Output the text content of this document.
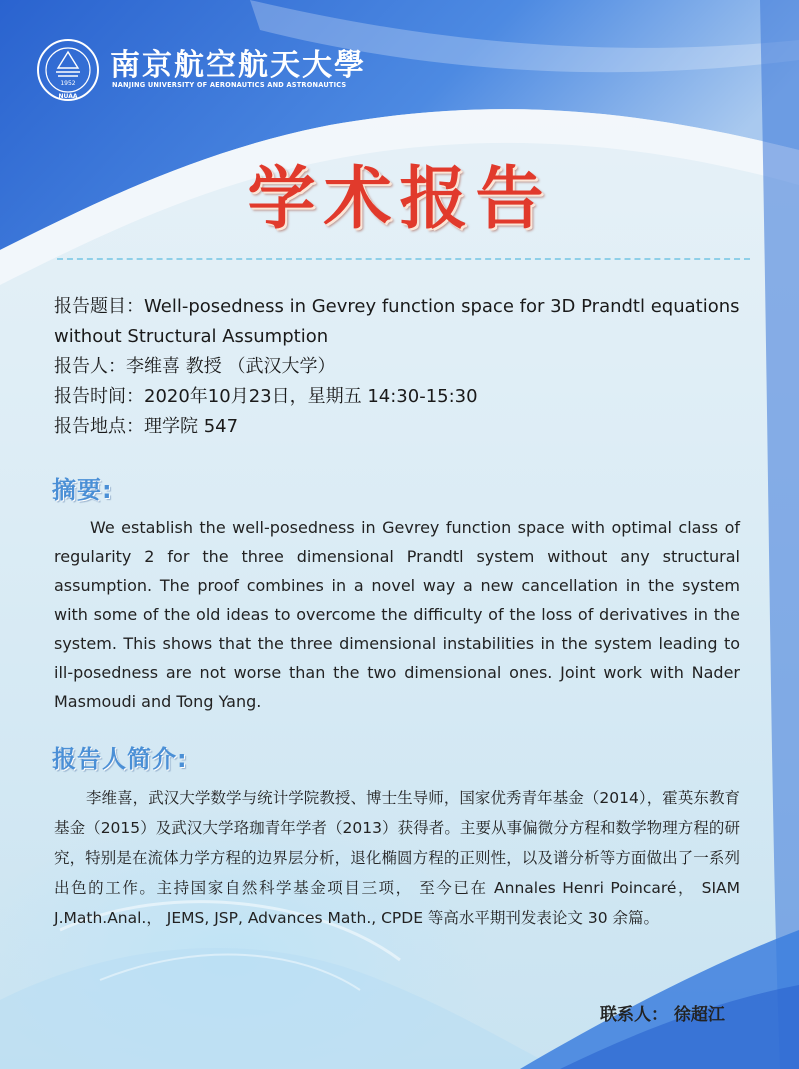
1952
NUAA
南京航空航天大學
NANJING UNIVERSITY OF AERONAUTICS AND ASTRONAUTICS
学术报告
报告题目：Well-posedness in Gevrey function space for 3D Prandtl equations
without Structural Assumption
报告人：李维喜 教授 （武汉大学）
报告时间：2020年10月23日，星期五 14:30-15:30
报告地点：理学院 547
摘要:
We establish the well-posedness in Gevrey function space with optimal class of regularity 2 for the three dimensional Prandtl system without any structural assumption. The proof combines in a novel way a new cancellation in the system with some of the old ideas to overcome the difficulty of the loss of derivatives in the system. This shows that the three dimensional instabilities in the system leading to ill-posedness are not worse than the two dimensional ones. Joint work with Nader Masmoudi and Tong Yang.
报告人简介:
李维喜，武汉大学数学与统计学院教授、博士生导师，国家优秀青年基金（2014），霍英东教育基金（2015）及武汉大学珞珈青年学者（2013）获得者。主要从事偏微分方程和数学物理方程的研究，特别是在流体力学方程的边界层分析，退化椭圆方程的正则性，以及谱分析等方面做出了一系列出色的工作。主持国家自然科学基金项目三项， 至今已在 Annales Henri Poincaré， SIAM J.Math.Anal.， JEMS, JSP, Advances Math., CPDE 等高水平期刊发表论文 30 余篇。
联系人： 徐超江
